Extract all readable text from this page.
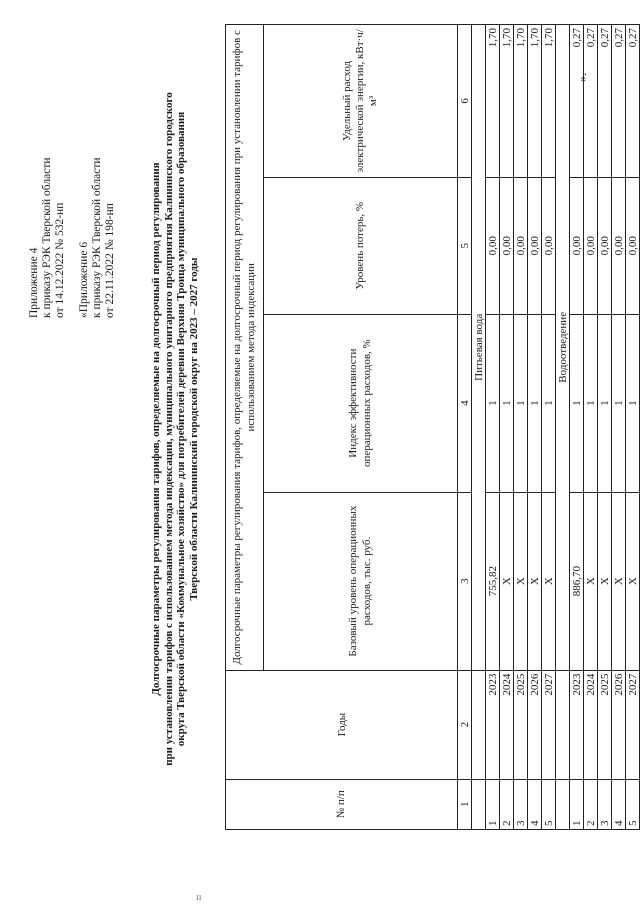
Приложение 4 к приказу РЭК Тверской области от 14.12.2022 № 532-нп «Приложение 6 к приказу РЭК Тверской области от 22.11.2022 № 198-нп	Долгосрочные параметры регулирования тарифов, определяемые на долгосрочный период регулирования при установлении тарифов с использованием метода индексации, муниципального унитарного предприятия Калининского городского округа Тверской области «Коммунальное хозяйство» для потребителей деревни Верхняя Троица муниципального образования Тверской области Калининский городской округ на 2023 – 2027 годы
№ п/п	Годы	Долгосрочные параметры регулирования тарифов, определяемые на долгосрочный период регулирования при установлении тарифов с использованием метода индексации			
		Базовый уровень операционных расходов, тыс. руб.	Индекс эффективности операционных расходов, %	Уровень потерь, %	Удельный расход электрической энергии, кВт·ч/м³
1	2	3	4	5	6
		Питьевая вода			
1	2023	755,82	1	0,00	1,70
2	2024	Х	1	0,00	1,70
3	2025	Х	1	0,00	1,70
4	2026	Х	1	0,00	1,70
5	2027	Х	1	0,00	1,70
		Водоотведение			
1	2023	886,70	1	0,00	0,27
2	2024	Х	1	0,00	0,27
3	2025	Х	1	0,00	0,27
4	2026	Х	1	0,00	0,27
5	2027	Х	1	0,00	0,27
».
ıı
